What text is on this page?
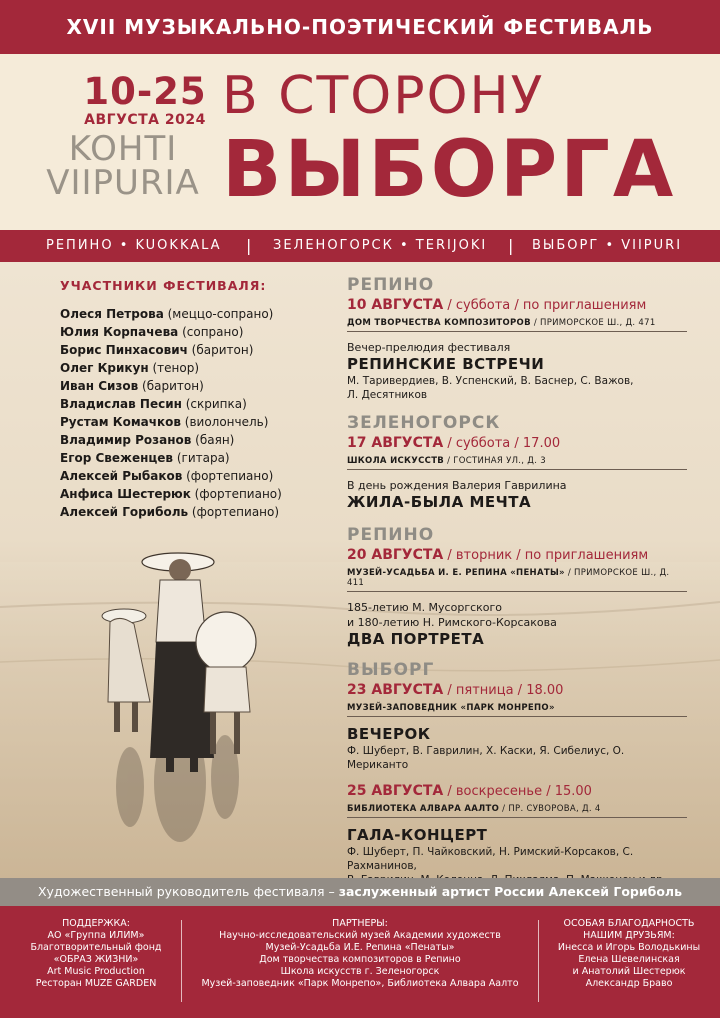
XVII МУЗЫКАЛЬНО-ПОЭТИЧЕСКИЙ ФЕСТИВАЛЬ
10-25
АВГУСТА 2024
KOHTI
VIIPURIA
В СТОРОНУ
ВЫБОРГА
РЕПИНО • KUOKKALA | ЗЕЛЕНОГОРСК • TERIJOKI | ВЫБОРГ • VIIPURI
УЧАСТНИКИ ФЕСТИВАЛЯ:
Олеся Петрова (меццо-сопрано)
Юлия Корпачева (сопрано)
Борис Пинхасович (баритон)
Олег Крикун (тенор)
Иван Сизов (баритон)
Владислав Песин (скрипка)
Рустам Комачков (виолончель)
Владимир Розанов (баян)
Егор Свеженцев (гитара)
Алексей Рыбаков (фортепиано)
Анфиса Шестерюк (фортепиано)
Алексей Гориболь (фортепиано)
РЕПИНО
10 АВГУСТА / суббота / по приглашениям
ДОМ ТВОРЧЕСТВА КОМПОЗИТОРОВ / ПРИМОРСКОЕ Ш., Д. 471
Вечер-прелюдия фестиваля
РЕПИНСКИЕ ВСТРЕЧИ
М. Таривердиев, В. Успенский, В. Баснер, С. Важов,
Л. Десятников
ЗЕЛЕНОГОРСК
17 АВГУСТА / суббота / 17.00
ШКОЛА ИСКУССТВ / ГОСТИНАЯ УЛ., Д. 3
В день рождения Валерия Гаврилина
ЖИЛА-БЫЛА МЕЧТА
РЕПИНО
20 АВГУСТА / вторник / по приглашениям
МУЗЕЙ-УСАДЬБА И. Е. РЕПИНА «ПЕНАТЫ» / ПРИМОРСКОЕ Ш., Д. 411
185-летию М. Мусоргского
и 180-летию Н. Римского-Корсакова
ДВА ПОРТРЕТА
ВЫБОРГ
23 АВГУСТА / пятница / 18.00
МУЗЕЙ-ЗАПОВЕДНИК «ПАРК МОНРЕПО»
ВЕЧЕРОК
Ф. Шуберт, В. Гаврилин, Х. Каски, Я. Сибелиус, О. Мериканто
25 АВГУСТА / воскресенье / 15.00
БИБЛИОТЕКА АЛВАРА ААЛТО / ПР. СУВОРОВА, Д. 4
ГАЛА-КОНЦЕРТ
Ф. Шуберт, П. Чайковский, Н. Римский-Корсаков, С. Рахманинов,
Художественный руководитель фестиваля – заслуженный артист России Алексей Гориболь
ПОДДЕРЖКА:
АО «Группа ИЛИМ»
Благотворительный фонд
«ОБРАЗ ЖИЗНИ»
Art Music Production
Ресторан MUZE GARDEN
ПАРТНЕРЫ:
Научно-исследовательский музей Академии художеств
Музей-Усадьба И.Е. Репина «Пенаты»
Дом творчества композиторов в Репино
Школа искусств г. Зеленогорск
Музей-заповедник «Парк Монрепо», Библиотека Алвара Аалто
ОСОБАЯ БЛАГОДАРНОСТЬ
НАШИМ ДРУЗЬЯМ:
Инесса и Игорь Володькины
Елена Шевелинская
и Анатолий Шестерюк
Александр Браво
